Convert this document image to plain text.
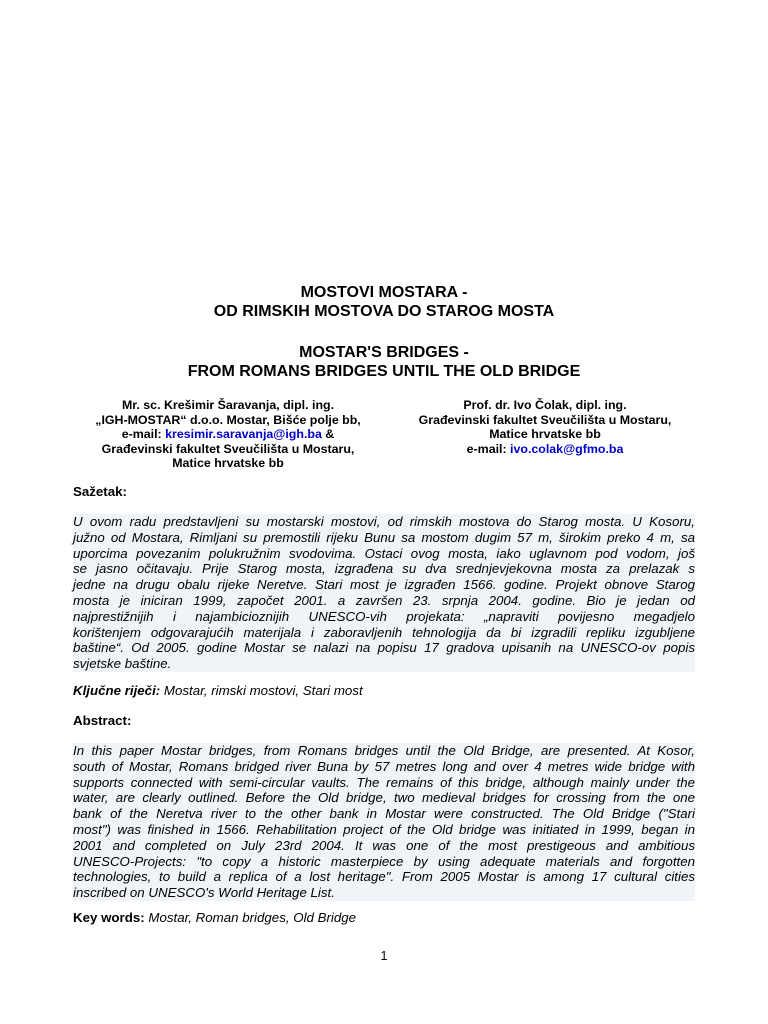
MOSTOVI MOSTARA -
OD RIMSKIH MOSTOVA DO STAROG MOSTA
MOSTAR'S BRIDGES -
FROM ROMANS BRIDGES UNTIL THE OLD BRIDGE
Mr. sc. Krešimir Šaravanja, dipl. ing.
„IGH-MOSTAR“ d.o.o. Mostar, Bišće polje bb,
e-mail: kresimir.saravanja@igh.ba &
Građevinski fakultet Sveučilišta u Mostaru,
Matice hrvatske bb
Prof. dr. Ivo Čolak, dipl. ing.
Građevinski fakultet Sveučilišta u Mostaru,
Matice hrvatske bb
e-mail: ivo.colak@gfmo.ba
Sažetak:
U ovom radu predstavljeni su mostarski mostovi, od rimskih mostova do Starog mosta. U Kosoru,
južno od Mostara, Rimljani su premostili rijeku Bunu sa mostom dugim 57 m, širokim preko 4 m, sa
uporcima povezanim polukružnim svodovima. Ostaci ovog mosta, iako uglavnom pod vodom, još
se jasno očitavaju. Prije Starog mosta, izgrađena su dva srednjevjekovna mosta za prelazak s
jedne na drugu obalu rijeke Neretve. Stari most je izgrađen 1566. godine. Projekt obnove Starog
mosta je iniciran 1999, započet 2001. a završen 23. srpnja 2004. godine. Bio je jedan od
najprestižnijih i najambicioznijih UNESCO-vih projekata: „napraviti povijesno megadjelo
korištenjem odgovarajućih materijala i zaboravljenih tehnologija da bi izgradili repliku izgubljene
baštine“. Od 2005. godine Mostar se nalazi na popisu 17 gradova upisanih na UNESCO-ov popis
svjetske baštine.
Ključne riječi: Mostar, rimski mostovi, Stari most
Abstract:
In this paper Mostar bridges, from Romans bridges until the Old Bridge, are presented. At Kosor,
south of Mostar, Romans bridged river Buna by 57 metres long and over 4 metres wide bridge with
supports connected with semi-circular vaults. The remains of this bridge, although mainly under the
water, are clearly outlined. Before the Old bridge, two medieval bridges for crossing from the one
bank of the Neretva river to the other bank in Mostar were constructed. The Old Bridge ("Stari
most") was finished in 1566. Rehabilitation project of the Old bridge was initiated in 1999, began in
2001 and completed on July 23rd 2004. It was one of the most prestigeous and ambitious
UNESCO-Projects: "to copy a historic masterpiece by using adequate materials and forgotten
technologies, to build a replica of a lost heritage". From 2005 Mostar is among 17 cultural cities
inscribed on UNESCO's World Heritage List.
Key words: Mostar, Roman bridges, Old Bridge
1
